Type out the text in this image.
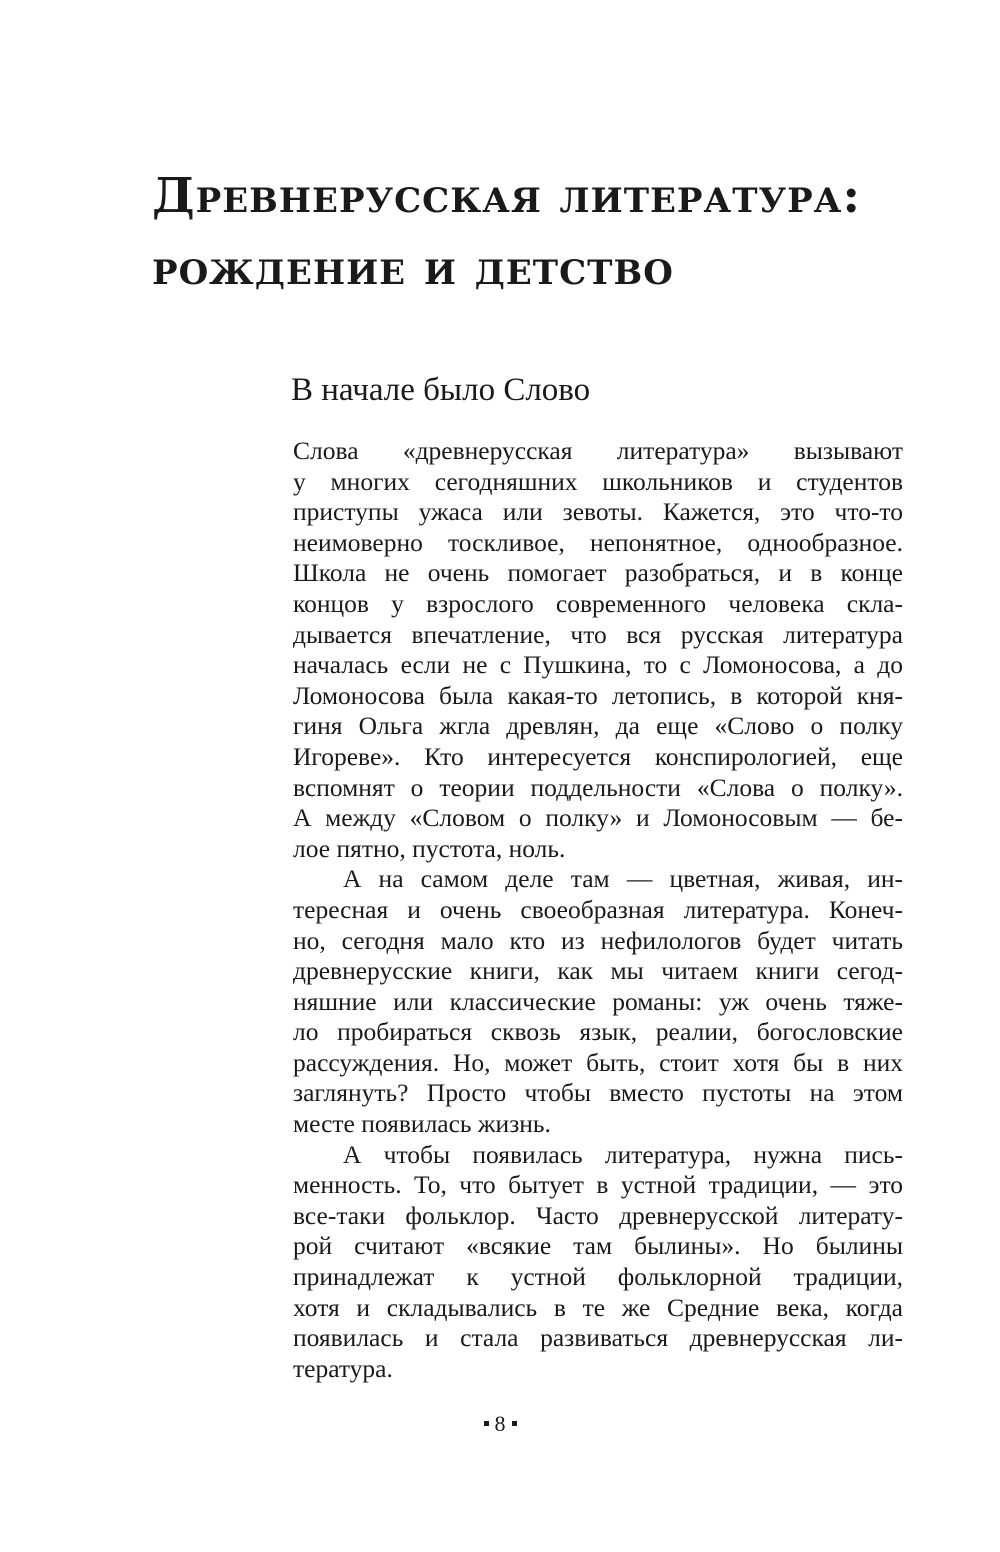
Древнерусская литература:
рождение и детство
В начале было Слово
Слова «древнерусская литература» вызывают
у многих сегодняшних школьников и студентов
приступы ужаса или зевоты. Кажется, это что-то
неимоверно тоскливое, непонятное, однообразное.
Школа не очень помогает разобраться, и в конце
концов у взрослого современного человека скла-
дывается впечатление, что вся русская литература
началась если не с Пушкина, то с Ломоносова, а до
Ломоносова была какая-то летопись, в которой кня-
гиня Ольга жгла древлян, да еще «Слово о полку
Игореве». Кто интересуется конспирологией, еще
вспомнят о теории поддельности «Слова о полку».
А между «Словом о полку» и Ломоносовым — бе-
лое пятно, пустота, ноль.
А на самом деле там — цветная, живая, ин-
тересная и очень своеобразная литература. Конеч-
но, сегодня мало кто из нефилологов будет читать
древнерусские книги, как мы читаем книги сегод-
няшние или классические романы: уж очень тяже-
ло пробираться сквозь язык, реалии, богословские
рассуждения. Но, может быть, стоит хотя бы в них
заглянуть? Просто чтобы вместо пустоты на этом
месте появилась жизнь.
А чтобы появилась литература, нужна пись-
менность. То, что бытует в устной традиции, — это
все-таки фольклор. Часто древнерусской литерату-
рой считают «всякие там былины». Но былины
принадлежат к устной фольклорной традиции,
хотя и складывались в те же Средние века, когда
появилась и стала развиваться древнерусская ли-
тература.
8
